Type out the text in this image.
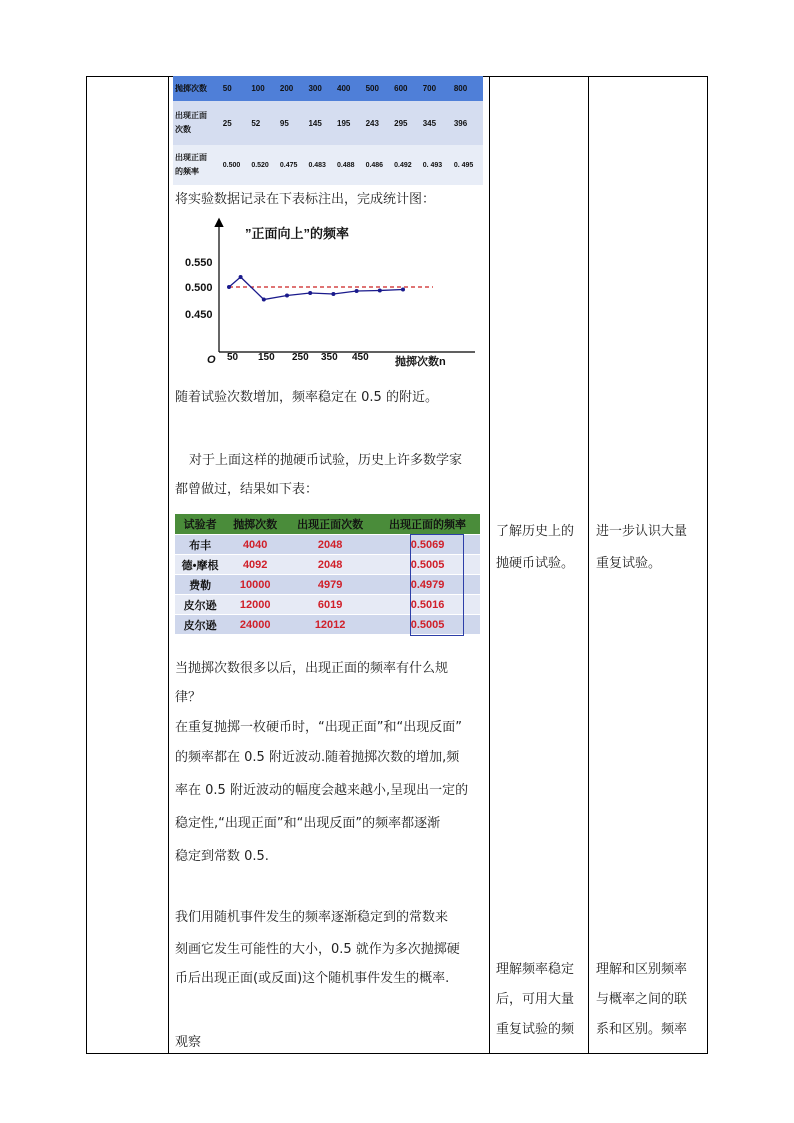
抛掷次数	50	100	200	300	400	500	600	700	800
出现正面
次数	25	52	95	145	195	243	295	345	396
出现正面
的频率	0.500	0.520	0.475	0.483	0.488	0.486	0.492	0. 493	0. 495
将实验数据记录在下表标注出，完成统计图：
”正面向上”的频率
O	抛掷次数n
0.550
0.500
0.450
50 150 250 350 450
随着试验次数增加，频率稳定在 0.5 的附近。
对于上面这样的抛硬币试验，历史上许多数学家
都曾做过，结果如下表：
试验者	抛掷次数	出现正面次数	出现正面的频率
布丰	4040	2048	0.5069
德•摩根	4092	2048	0.5005
费勒	10000	4979	0.4979
皮尔逊	12000	6019	0.5016
皮尔逊	24000	12012	0.5005
当抛掷次数很多以后，出现正面的频率有什么规
律？
在重复抛掷一枚硬币时，“出现正面”和“出现反面”
的频率都在 0.5 附近波动.随着抛掷次数的增加,频
率在 0.5 附近波动的幅度会越来越小,呈现出一定的
稳定性,“出现正面”和“出现反面”的频率都逐渐
稳定到常数 0.5.
我们用随机事件发生的频率逐渐稳定到的常数来
刻画它发生可能性的大小，0.5 就作为多次抛掷硬
币后出现正面(或反面)这个随机事件发生的概率.
观察
了解历史上的
抛硬币试验。
进一步认识大量
重复试验。
理解频率稳定
后，可用大量
重复试验的频
理解和区别频率
与概率之间的联
系和区别。频率
